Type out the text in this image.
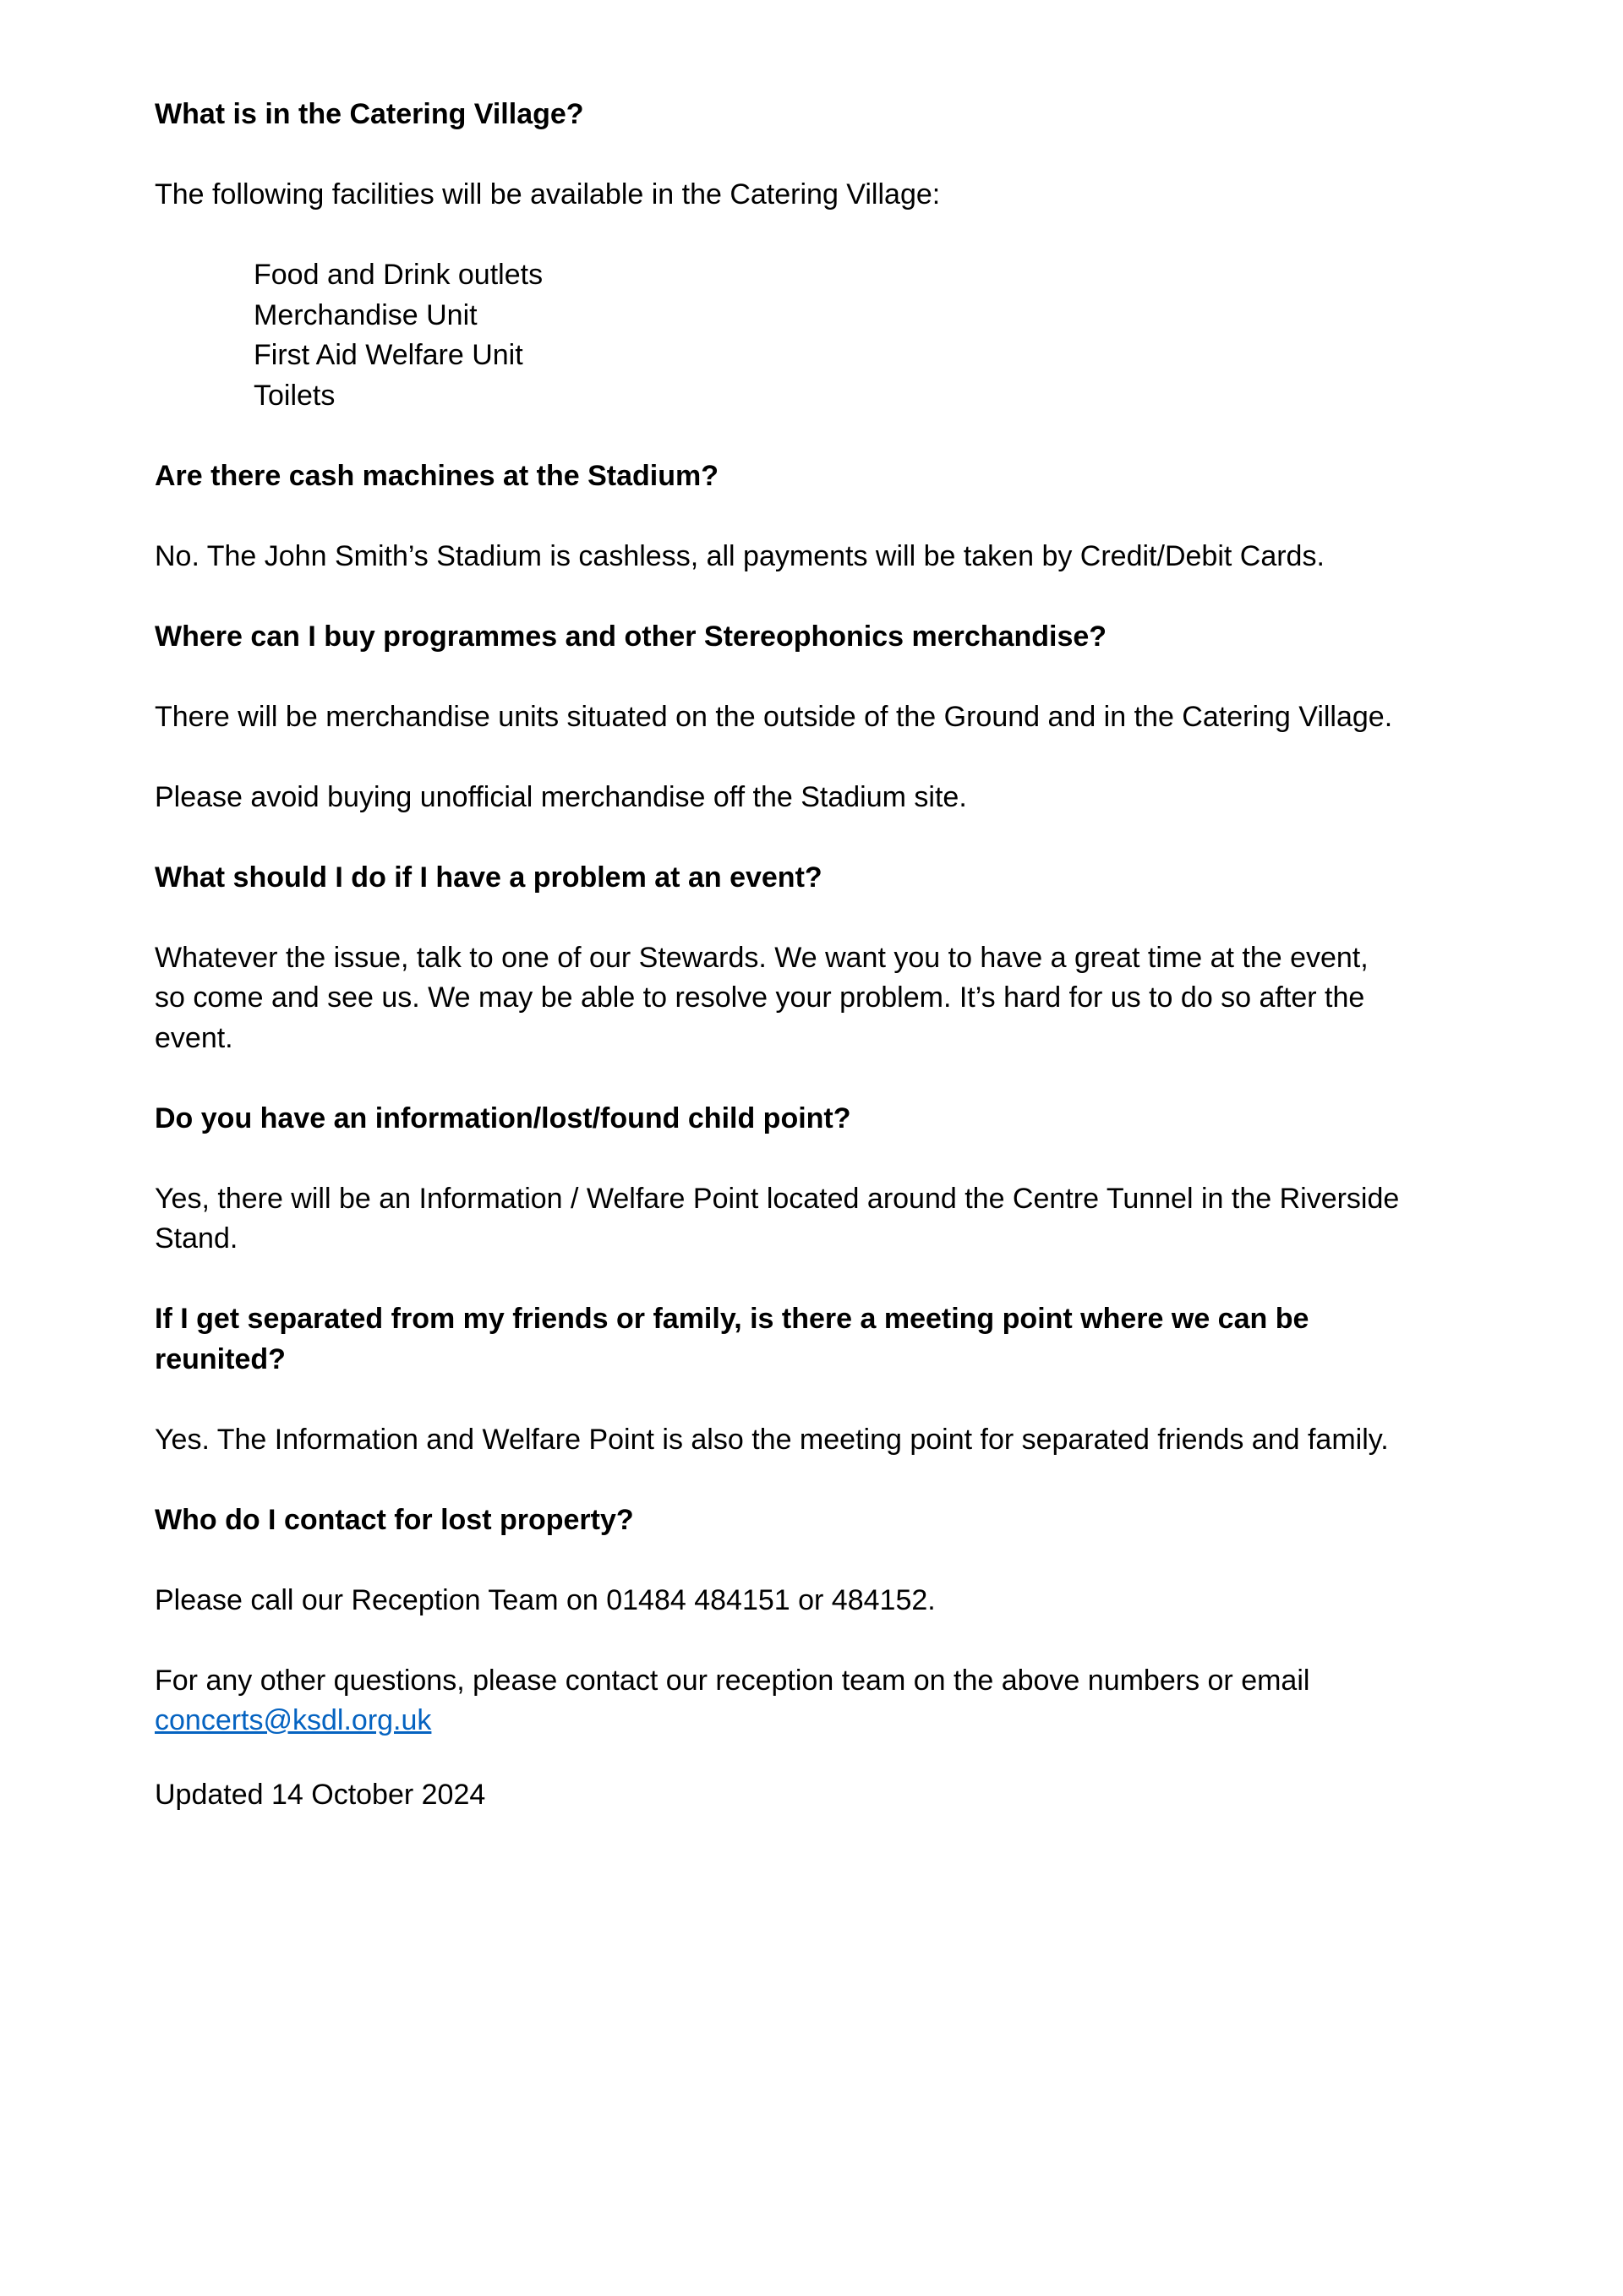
What is in the Catering Village?
The following facilities will be available in the Catering Village:
Food and Drink outlets
Merchandise Unit
First Aid Welfare Unit
Toilets
Are there cash machines at the Stadium?
No. The John Smith’s Stadium is cashless, all payments will be taken by Credit/Debit Cards.
Where can I buy programmes and other Stereophonics merchandise?
There will be merchandise units situated on the outside of the Ground and in the Catering Village.
Please avoid buying unofficial merchandise off the Stadium site.
What should I do if I have a problem at an event?
Whatever the issue, talk to one of our Stewards. We want you to have a great time at the event, so come and see us. We may be able to resolve your problem. It’s hard for us to do so after the event.
Do you have an information/lost/found child point?
Yes, there will be an Information / Welfare Point located around the Centre Tunnel in the Riverside Stand.
If I get separated from my friends or family, is there a meeting point where we can be reunited?
Yes. The Information and Welfare Point is also the meeting point for separated friends and family.
Who do I contact for lost property?
Please call our Reception Team on 01484 484151 or 484152.
For any other questions, please contact our reception team on the above numbers or email
concerts@ksdl.org.uk
Updated 14 October 2024
